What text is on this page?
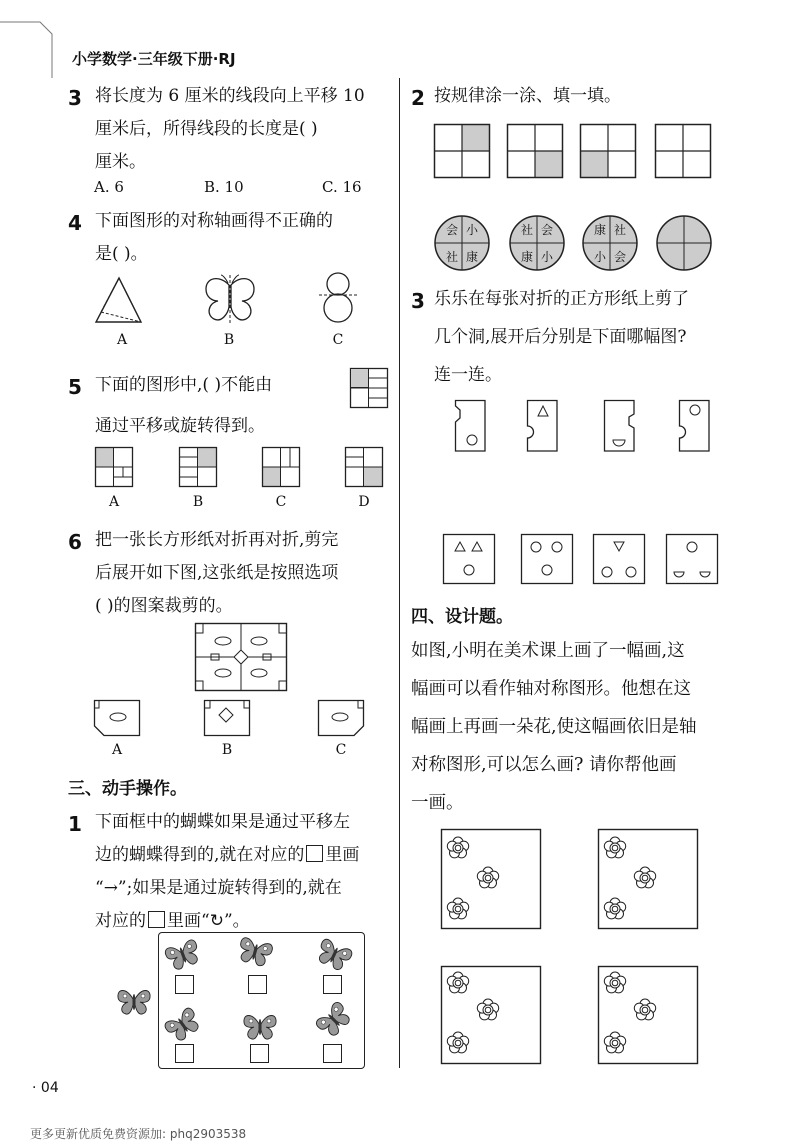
小学数学·三年级下册·RJ
3 将长度为 6 厘米的线段向上平移 10
厘米后，所得线段的长度是( )
厘米。
A. 6	B. 10	C. 16
4 下面图形的对称轴画得不正确的
是( )。
A	B	C
5 下面的图形中,( )不能由
通过平移或旋转得到。
A	B	C	D
6 把一张长方形纸对折再对折,剪完
后展开如下图,这张纸是按照选项
( )的图案裁剪的。
A	B	C
三、动手操作。
1 下面框中的蝴蝶如果是通过平移左
边的蝴蝶得到的,就在对应的 里画
“→”;如果是通过旋转得到的,就在
对应的 里画“↻”。
2 按规律涂一涂、填一填。
会 小
社 康
社 会
康 小
康 社
小 会
3 乐乐在每张对折的正方形纸上剪了
几个洞,展开后分别是下面哪幅图?
连一连。
四、设计题。
如图,小明在美术课上画了一幅画,这
幅画可以看作轴对称图形。他想在这
幅画上再画一朵花,使这幅画依旧是轴
对称图形,可以怎么画? 请你帮他画
一画。
· 04
更多更新优质免费资源加: phq2903538
